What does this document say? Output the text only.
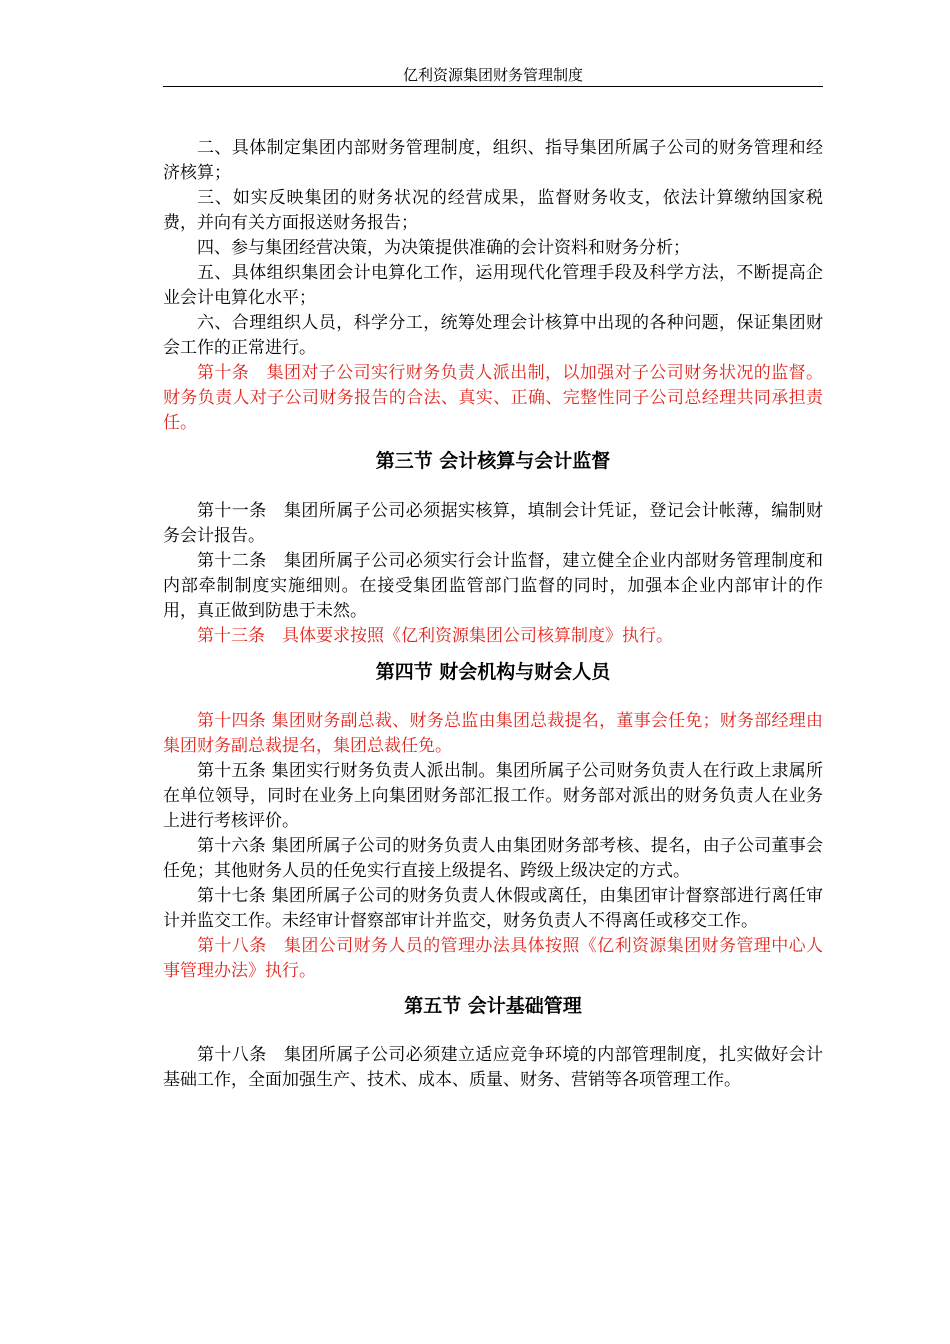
亿利资源集团财务管理制度

二、具体制定集团内部财务管理制度，组织、指导集团所属子公司的财务管理和经济核算；

三、如实反映集团的财务状况的经营成果，监督财务收支，依法计算缴纳国家税费，并向有关方面报送财务报告；

四、参与集团经营决策，为决策提供准确的会计资料和财务分析；

五、具体组织集团会计电算化工作，运用现代化管理手段及科学方法，不断提高企业会计电算化水平；

六、合理组织人员，科学分工，统筹处理会计核算中出现的各种问题，保证集团财会工作的正常进行。

第十条　集团对子公司实行财务负责人派出制，以加强对子公司财务状况的监督。财务负责人对子公司财务报告的合法、真实、正确、完整性同子公司总经理共同承担责任。

第三节 会计核算与会计监督

第十一条　集团所属子公司必须据实核算，填制会计凭证，登记会计帐薄，编制财务会计报告。

第十二条　集团所属子公司必须实行会计监督，建立健全企业内部财务管理制度和内部牵制制度实施细则。在接受集团监管部门监督的同时，加强本企业内部审计的作用，真正做到防患于未然。

第十三条　具体要求按照《亿利资源集团公司核算制度》执行。

第四节 财会机构与财会人员

第十四条 集团财务副总裁、财务总监由集团总裁提名，董事会任免；财务部经理由集团财务副总裁提名，集团总裁任免。

第十五条 集团实行财务负责人派出制。集团所属子公司财务负责人在行政上隶属所在单位领导，同时在业务上向集团财务部汇报工作。财务部对派出的财务负责人在业务上进行考核评价。

第十六条 集团所属子公司的财务负责人由集团财务部考核、提名，由子公司董事会任免；其他财务人员的任免实行直接上级提名、跨级上级决定的方式。

第十七条 集团所属子公司的财务负责人休假或离任，由集团审计督察部进行离任审计并监交工作。未经审计督察部审计并监交，财务负责人不得离任或移交工作。

第十八条　集团公司财务人员的管理办法具体按照《亿利资源集团财务管理中心人事管理办法》执行。

第五节 会计基础管理

第十八条　集团所属子公司必须建立适应竞争环境的内部管理制度，扎实做好会计基础工作，全面加强生产、技术、成本、质量、财务、营销等各项管理工作。
